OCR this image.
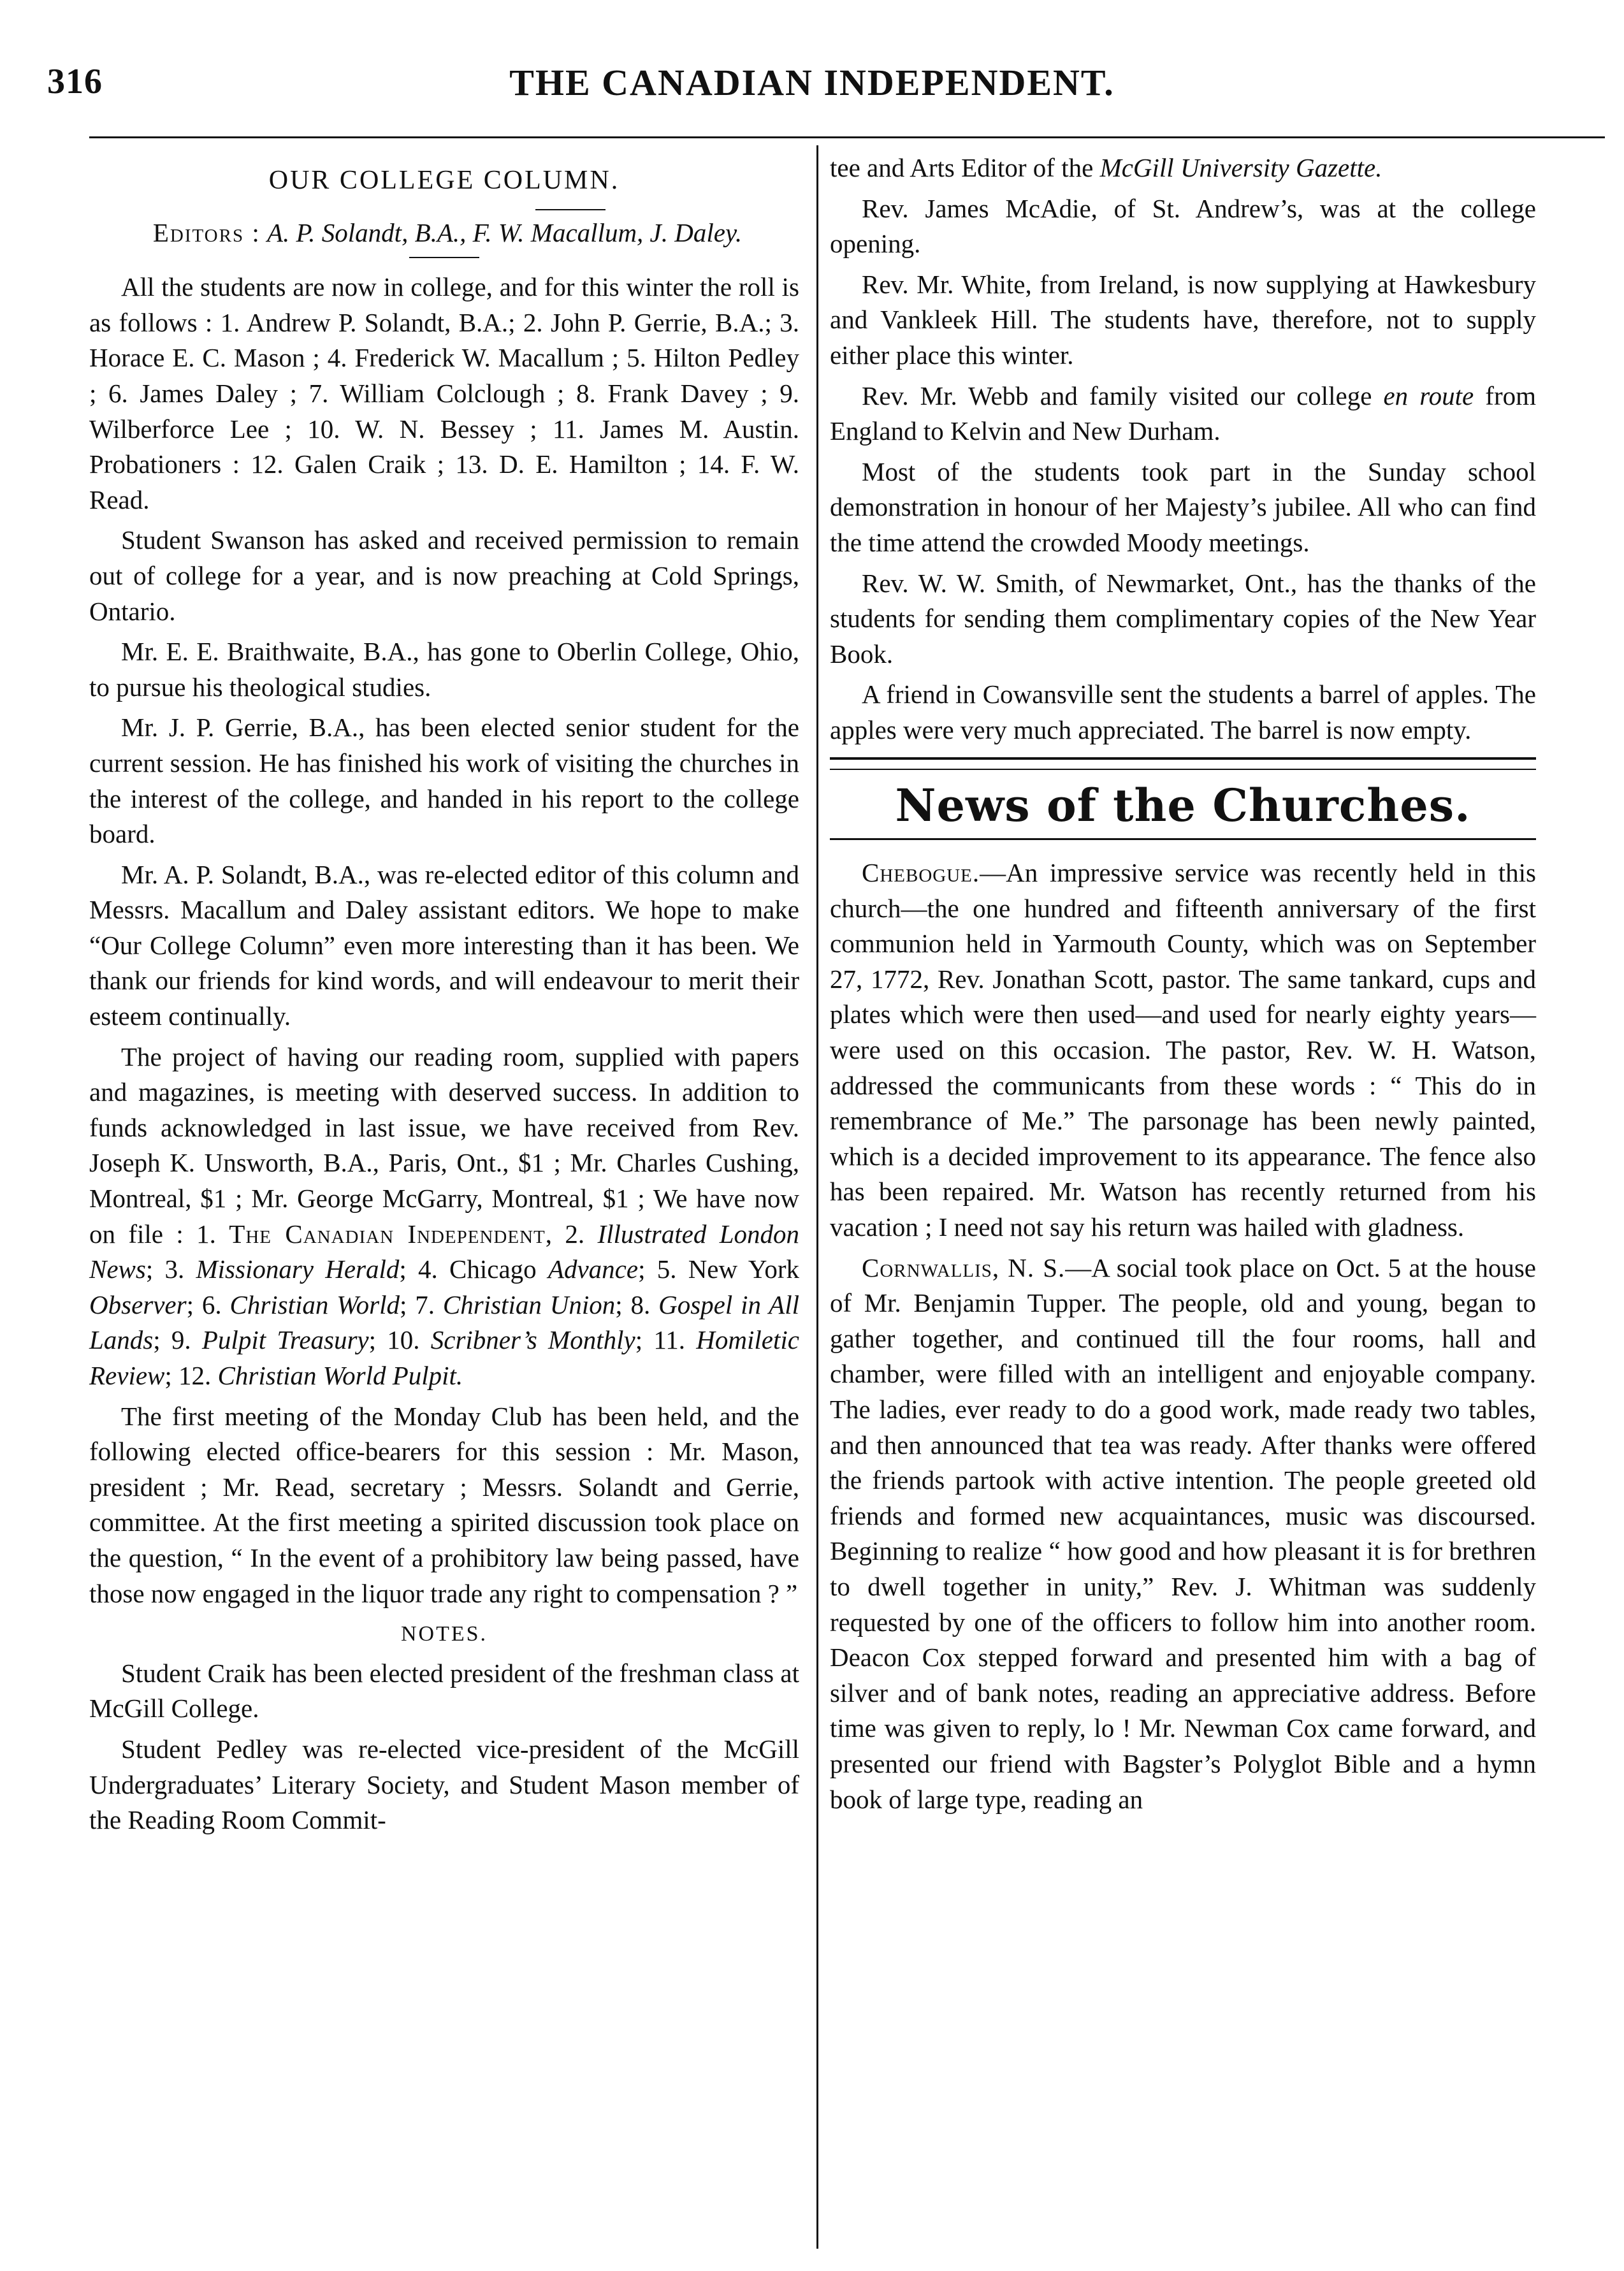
316	THE CANADIAN INDEPENDENT.
OUR COLLEGE COLUMN.
Editors : A. P. Solandt, B.A., F. W. Macallum, J. Daley.

All the students are now in college, and for this winter the roll is as follows : 1. Andrew P. Solandt, B.A.; 2. John P. Gerrie, B.A.; 3. Horace E. C. Mason ; 4. Frederick W. Macallum ; 5. Hilton Pedley ; 6. James Daley ; 7. William Colclough ; 8. Frank Davey ; 9. Wilberforce Lee ; 10. W. N. Bessey ; 11. James M. Austin. Probationers : 12. Galen Craik ; 13. D. E. Hamilton ; 14. F. W. Read.

Student Swanson has asked and received permission to remain out of college for a year, and is now preaching at Cold Springs, Ontario.

Mr. E. E. Braithwaite, B.A., has gone to Oberlin College, Ohio, to pursue his theological studies.

Mr. J. P. Gerrie, B.A., has been elected senior student for the current session. He has finished his work of visiting the churches in the interest of the college, and handed in his report to the college board.

Mr. A. P. Solandt, B.A., was re-elected editor of this column and Messrs. Macallum and Daley assistant editors. We hope to make “Our College Column” even more interesting than it has been. We thank our friends for kind words, and will endeavour to merit their esteem continually.

The project of having our reading room, supplied with papers and magazines, is meeting with deserved success. In addition to funds acknowledged in last issue, we have received from Rev. Joseph K. Unsworth, B.A., Paris, Ont., $1 ; Mr. Charles Cushing, Montreal, $1 ; Mr. George McGarry, Montreal, $1 ; We have now on file : 1. The Canadian Independent, 2. Illustrated London News; 3. Missionary Herald; 4. Chicago Advance; 5. New York Observer; 6. Christian World; 7. Christian Union; 8. Gospel in All Lands; 9. Pulpit Treasury; 10. Scribner’s Monthly; 11. Homiletic Review; 12. Christian World Pulpit.

The first meeting of the Monday Club has been held, and the following elected office-bearers for this session : Mr. Mason, president ; Mr. Read, secretary ; Messrs. Solandt and Gerrie, committee. At the first meeting a spirited discussion took place on the question, “ In the event of a prohibitory law being passed, have those now engaged in the liquor trade any right to compensation ? ”

NOTES.

Student Craik has been elected president of the freshman class at McGill College.

Student Pedley was re-elected vice-president of the McGill Undergraduates’ Literary Society, and Student Mason member of the Reading Room Commit-

tee and Arts Editor of the McGill University Gazette.

Rev. James McAdie, of St. Andrew’s, was at the college opening.

Rev. Mr. White, from Ireland, is now supplying at Hawkesbury and Vankleek Hill. The students have, therefore, not to supply either place this winter.

Rev. Mr. Webb and family visited our college en route from England to Kelvin and New Durham.

Most of the students took part in the Sunday school demonstration in honour of her Majesty’s jubilee. All who can find the time attend the crowded Moody meetings.

Rev. W. W. Smith, of Newmarket, Ont., has the thanks of the students for sending them complimentary copies of the New Year Book.

A friend in Cowansville sent the students a barrel of apples. The apples were very much appreciated. The barrel is now empty.

News of the Churches.

Chebogue.—An impressive service was recently held in this church—the one hundred and fifteenth anniversary of the first communion held in Yarmouth County, which was on September 27, 1772, Rev. Jonathan Scott, pastor. The same tankard, cups and plates which were then used—and used for nearly eighty years—were used on this occasion. The pastor, Rev. W. H. Watson, addressed the communicants from these words : “ This do in remembrance of Me.” The parsonage has been newly painted, which is a decided improvement to its appearance. The fence also has been repaired. Mr. Watson has recently returned from his vacation ; I need not say his return was hailed with gladness.

Cornwallis, N. S.—A social took place on Oct. 5 at the house of Mr. Benjamin Tupper. The people, old and young, began to gather together, and continued till the four rooms, hall and chamber, were filled with an intelligent and enjoyable company. The ladies, ever ready to do a good work, made ready two tables, and then announced that tea was ready. After thanks were offered the friends partook with active intention. The people greeted old friends and formed new acquaintances, music was discoursed. Beginning to realize “ how good and how pleasant it is for brethren to dwell together in unity,” Rev. J. Whitman was suddenly requested by one of the officers to follow him into another room. Deacon Cox stepped forward and presented him with a bag of silver and of bank notes, reading an appreciative address. Before time was given to reply, lo ! Mr. Newman Cox came forward, and presented our friend with Bagster’s Polyglot Bible and a hymn book of large type, reading an
